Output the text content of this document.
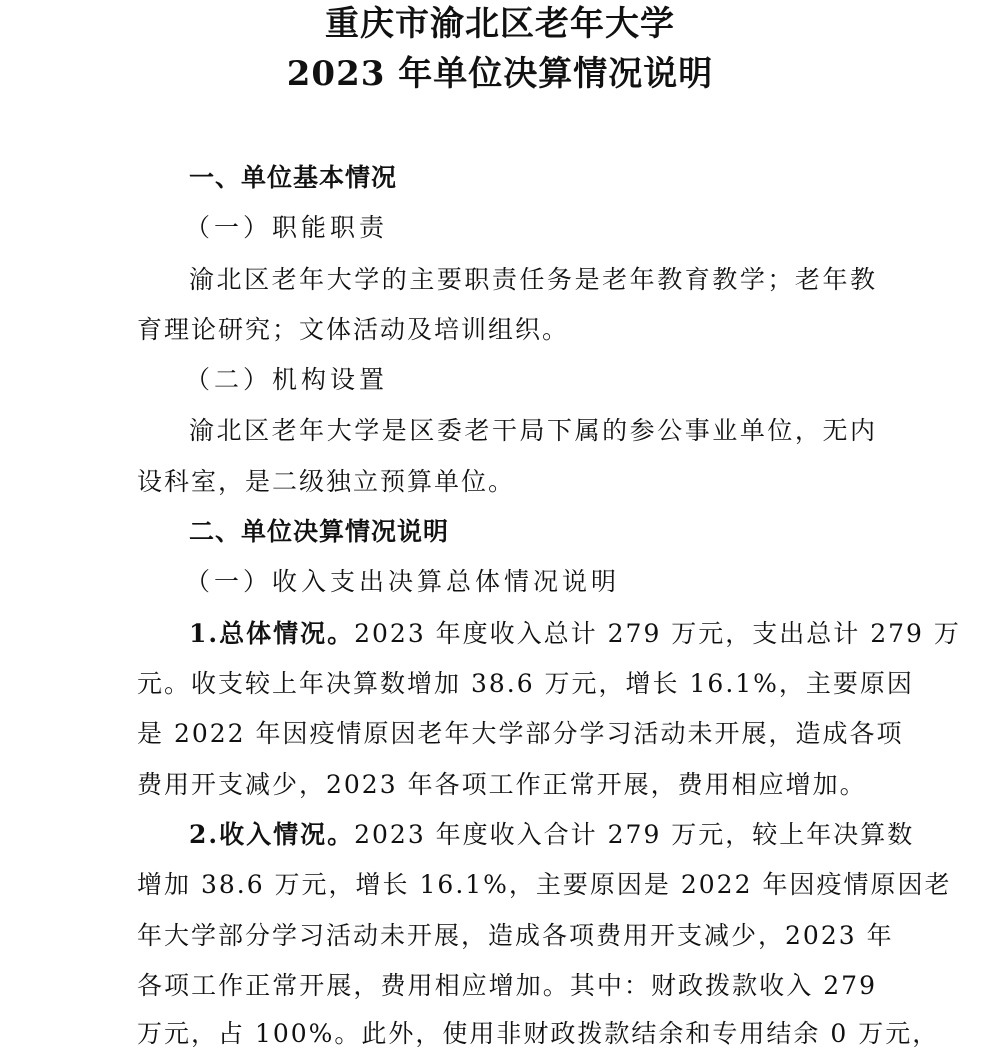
重庆市渝北区老年大学
2023 年单位决算情况说明
一、单位基本情况
（一）职能职责
渝北区老年大学的主要职责任务是老年教育教学；老年教
育理论研究；文体活动及培训组织。
（二）机构设置
渝北区老年大学是区委老干局下属的参公事业单位，无内
设科室，是二级独立预算单位。
二、单位决算情况说明
（一）收入支出决算总体情况说明
1.总体情况。2023 年度收入总计 279 万元，支出总计 279 万
元。收支较上年决算数增加 38.6 万元，增长 16.1%，主要原因
是 2022 年因疫情原因老年大学部分学习活动未开展，造成各项
费用开支减少，2023 年各项工作正常开展，费用相应增加。
2.收入情况。2023 年度收入合计 279 万元，较上年决算数
增加 38.6 万元，增长 16.1%，主要原因是 2022 年因疫情原因老
年大学部分学习活动未开展，造成各项费用开支减少，2023 年
各项工作正常开展，费用相应增加。其中：财政拨款收入 279
万元，占 100%。此外，使用非财政拨款结余和专用结余 0 万元，
